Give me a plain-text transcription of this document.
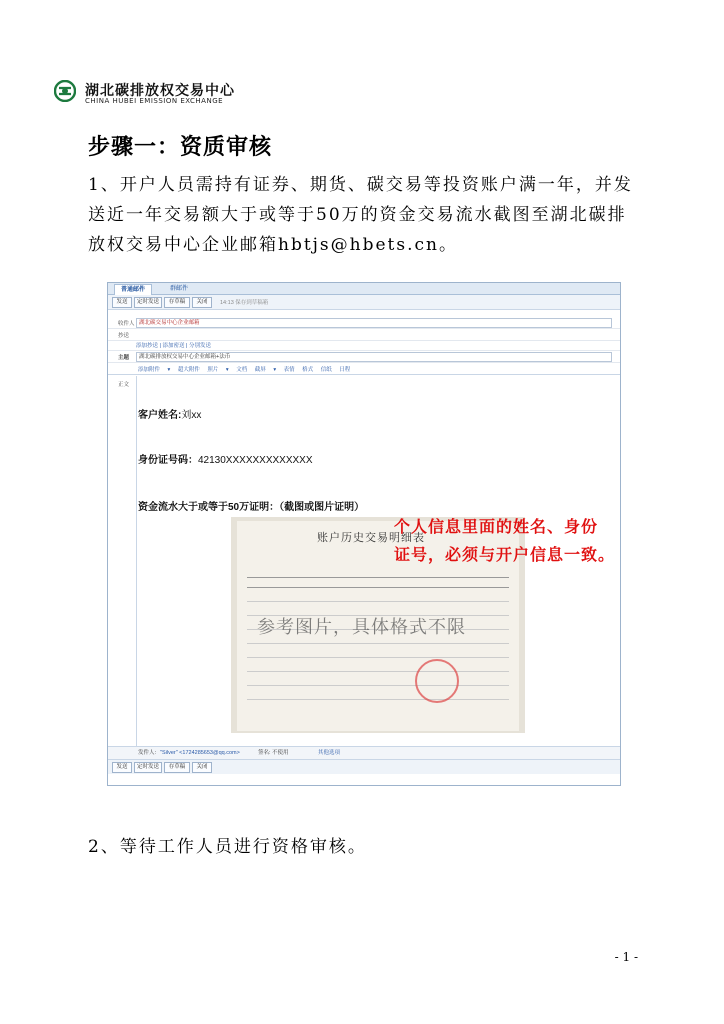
湖北碳排放权交易中心
CHINA HUBEI EMISSION EXCHANGE
步骤一：资质审核
1、开户人员需持有证券、期货、碳交易等投资账户满一年，并发
送近一年交易额大于或等于50万的资金交易流水截图至湖北碳排
放权交易中心企业邮箱hbtjs@hbets.cn。
普通邮件	群邮件
发送	定时发送	存草稿	关闭	14:13 保存到草稿箱
收件人 湖北碳交易中心企业邮箱
抄送
添加抄送 | 添加密送 | 分别发送
主题	湖北碳排放权交易中心企业邮箱+法币
添加附件 ▾ 超大附件 照片 ▾ 文档 截屏 ▾ 表情 格式 信纸 日程
正文
客户姓名:刘xx
身份证号码：42130XXXXXXXXXXXXX
资金流水大于或等于50万证明：（截图或图片证明）
账户历史交易明细表
参考图片，具体格式不限
个人信息里面的姓名、身份
证号，必须与开户信息一致。
发件人: "Silver" <1724285653@qq.com>	签名: 不使用	其他选项
发送	定时发送	存草稿	关闭
2、等待工作人员进行资格审核。
- 1 -
